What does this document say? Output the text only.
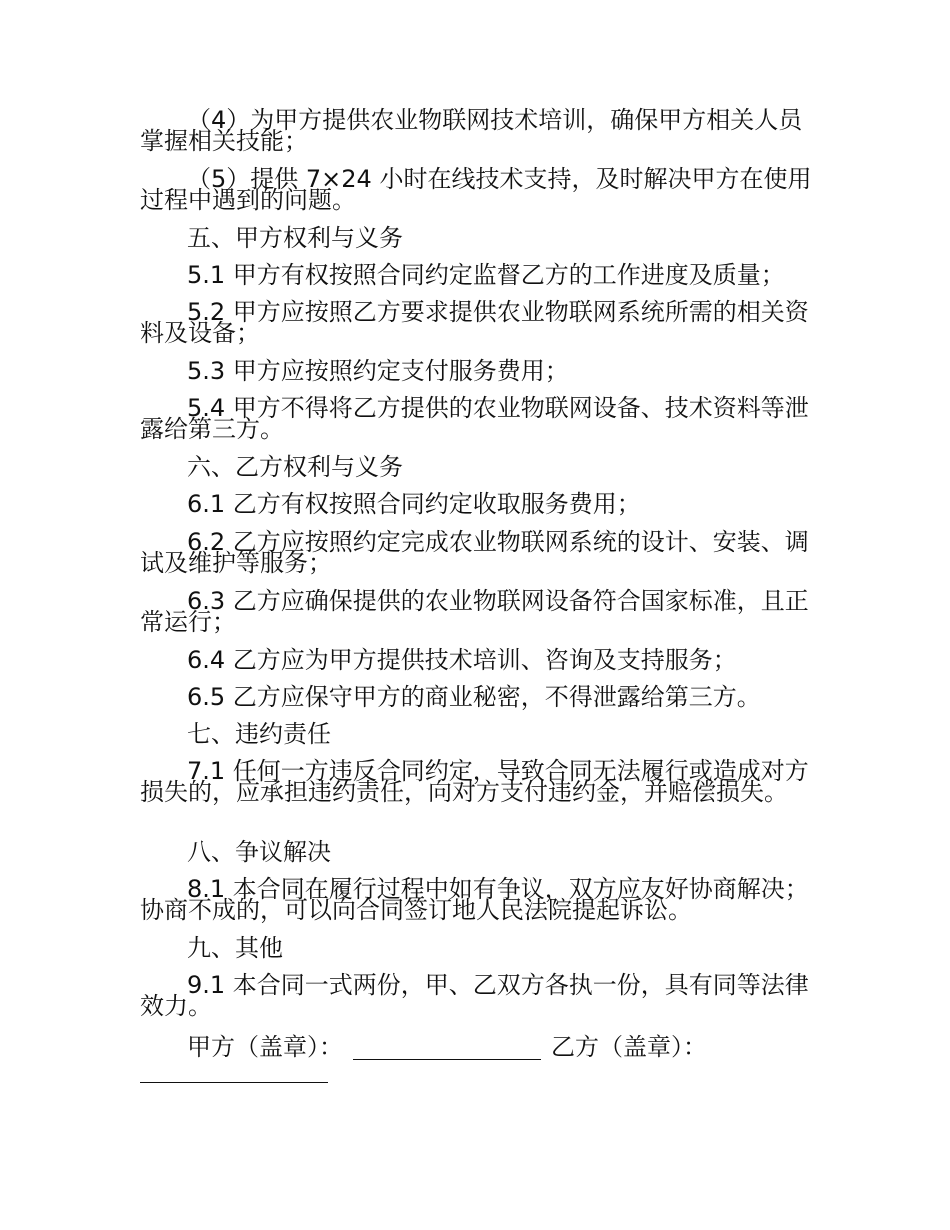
（4）为甲方提供农业物联网技术培训，确保甲方相关人员掌握相关技能；
（5）提供 7×24 小时在线技术支持，及时解决甲方在使用过程中遇到的问题。
五、甲方权利与义务
5.1 甲方有权按照合同约定监督乙方的工作进度及质量；
5.2 甲方应按照乙方要求提供农业物联网系统所需的相关资料及设备；
5.3 甲方应按照约定支付服务费用；
5.4 甲方不得将乙方提供的农业物联网设备、技术资料等泄露给第三方。
六、乙方权利与义务
6.1 乙方有权按照合同约定收取服务费用；
6.2 乙方应按照约定完成农业物联网系统的设计、安装、调试及维护等服务；
6.3 乙方应确保提供的农业物联网设备符合国家标准，且正常运行；
6.4 乙方应为甲方提供技术培训、咨询及支持服务；
6.5 乙方应保守甲方的商业秘密，不得泄露给第三方。
七、违约责任
7.1 任何一方违反合同约定，导致合同无法履行或造成对方损失的，应承担违约责任，向对方支付违约金，并赔偿损失。
八、争议解决
8.1 本合同在履行过程中如有争议，双方应友好协商解决；协商不成的，可以向合同签订地人民法院提起诉讼。
九、其他
9.1 本合同一式两份，甲、乙双方各执一份，具有同等法律效力。
甲方（盖章）：	乙方（盖章）：
